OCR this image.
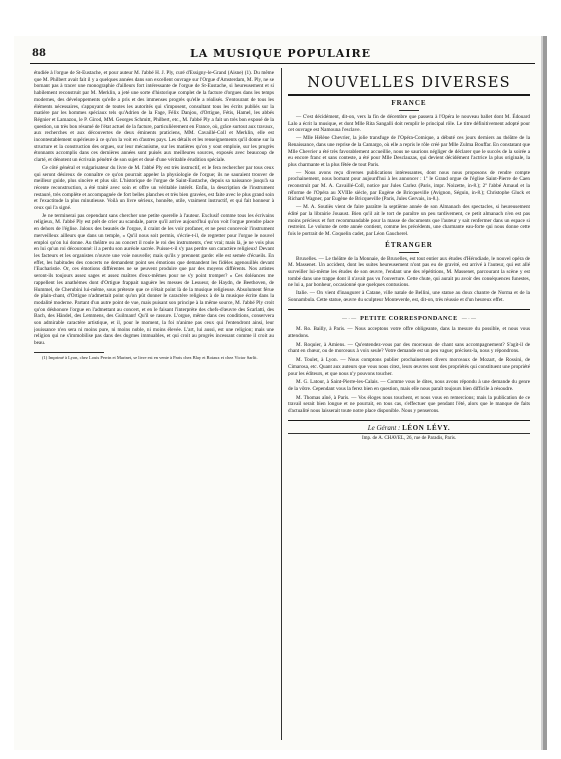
88	LA MUSIQUE POPULAIRE

étudiée à l'orgue de St-Eustache, et pour auteur M. l'abbé H. J. Ply, curé d'Essigny-le-Grand (Aisne) (1). Du même que M. Philbert avait fait il y a quelques années dans son excellent ouvrage sur l'Orgue d'Amsterdam, M. Ply, ne se bornant pas à tracer une monographie d'ailleurs fort intéressante de l'orgue de St-Eustache, si heureusement et si habilement reconstruit par M. Merklin, a jeté une sorte d'historique complet de la facture d'orgues dans les temps modernes, des développements qu'elle a pris et des immenses progrès qu'elle a réalisés. S'entourant de tous les éléments nécessaires, s'appuyant de toutes les autorités qui s'imposent, consultant tous les écrits publiés sur la matière par les hommes spéciaux tels qu'Adrien de la Fage, Félix Danjou, d'Ortigue, Fétis, Hamel, les abbés Régnier et Lamazou, le P. Girod, MM. Georges Schmitt, Philbert, etc., M. l'abbé Ply a fait un très bon exposé de la question, un très bon résumé de l'état actuel de la facture, particulièrement en France, où, grâce surtout aux travaux, aux recherches et aux découvertes de deux éminents praticiens, MM. Cavaillé-Coll et Merklin, elle est incontestablement supérieure à ce qu'on la voit en d'autres pays. Les détails et les renseignements qu'il donne sur la structure et la construction des orgues, sur leur mécanisme, sur les matières qu'on y sout emploie, sur les progrès étonnants accomplis dans ces dernières années sont puisés aux meilleures sources, exposés avec beaucoup de clarté, et dénotent un écrivain pénétré de son sujet et doué d'une véritable érudition spéciale.

Ce côté général et vulgarisateur du livre de M. l'abbé Ply est très instructif, et le fera rechercher par tous ceux qui seront désireux de connaître ce qu'on pourrait appeler la physiologie de l'orgue; ils ne sauraient trouver de meilleur guide, plus sincère et plus sûr. L'historique de l'orgue de Saint-Eustache, depuis sa naissance jusqu'à sa récente reconstruction, a été traité avec soin et offre un véritable intérêt. Enfin, la description de l'instrument restauré, très complète et accompagnée de fort belles planches et très bien gravées, est faite avec le plus grand soin et l'exactitude la plus minutieuse. Voilà un livre sérieux, honnête, utile, vraiment instructif, et qui fait honneur à ceux qui l'a signé.

Je ne terminerai pas cependant sans chercher une petite querelle à l'auteur. Exclusif comme tous les écrivains religieux, M. l'abbé Ply est prêt de crier au scandale, parce qu'il arrive aujourd'hui qu'on voit l'orgue prendre place en dehors de l'église. Jaloux des beautés de l'orgue, il craint de les voir profaner, et ne peut concevoir l'instrument merveilleux ailleurs que dans un temple, « Qu'il nous soit permis, s'écrie-t-il, de regretter pour l'orgue le nouvel emploi qu'on lui donne. Au théâtre ou au concert il roule le roi des instruments, c'est vrai; mais là, je ne vois plus en lui qu'un roi découronné: il a perdu son auréole sacrée. Puisse-t-il s'y pas perdre son caractère religieux! Devant les facteurs et les organistes n'ouvre une voie nouvelle; mais qu'ils y prennent garde: elle est semée d'écueils. En effet, les habitudes des concerts ne demandent point ses émotions que demandent les fidèles agenouillés devant l'Eucharistie. Or, ces émotions différentes ne se peuvent produire que par des moyens différents. Nos artistes seront-ils toujours assez sages et assez maîtres d'eux-mêmes pour ne s'y point tromper? » Ces doléances me rappellent les anathèmes dont d'Ortigue frappait naguère les messes de Lesueur, de Haydn, de Beethoven, de Hummel, de Cherubini lui-même, sous prétexte que ce n'était point là de la musique religieuse. Absolument férue de plain-chant, d'Ortigue n'admettait point qu'on pût donner le caractère religieux à de la musique écrite dans la modalité moderne. Partant d'un autre point de vue, mais puisant son principe à la même source, M. l'abbé Ply croit qu'on déshonore l'orgue en l'admettant au concert, et en le faisant l'interprète des chefs-d'œuvre des Scarlatti, des Bach, des Händel, des Lemmens, des Guilmant! Qu'il se rassure. L'orgue, même dans ces conditions, conservera son admirable caractère artistique, et il, pour le moment, la foi n'anime pas ceux qui l'entendront ainsi, leur jouissance n'en sera ni moins pure, ni moins noble, ni moins élevée. L'art, lui aussi, est une religion; mais une religion qui ne s'immobilise pas dans des dogmes immuables, et qui croit au progrès incessant comme il croit au beau.

(1) Imprimé à Lyon, chez Louis Perrin et Marinet, se livre est en vente à Paris chez Blay et Roiaux et chez Victor Sarlit.

NOUVELLES DIVERSES
FRANCE

— C'est décidément, dit-on, vers la fin de décembre que passera à l'Opéra le nouveau ballet dont M. Édouard Lalo a écrit la musique, et dont Mlle Rita Sangalli doit remplir le principal rôle. Le titre définitivement adopté pour cet ouvrage est Namouna l'esclave.

— Mlle Hélène Chevrier, la jolie transfuge de l'Opéra-Comique, a débuté ces jours derniers au théâtre de la Renaissance, dans une reprise de la Camargo, où elle a repris le rôle créé par Mlle Zulma Bouffar. En constatant que Mlle Chevrier a été très favorablement accueillie, nous ne saurions négliger de déclarer que le succès de la soirée a eu encore franc et sans conteste, a été pour Mlle Desclauzas, qui devient décidément l'actrice la plus originale, la plus charmante et la plus fêtée de tout Paris.

— Nous avons reçu diverses publications intéressantes, dont nous nous proposons de rendre compte prochainement, nous bornant pour aujourd'hui à les annoncer : 1º le Grand orgue de l'église Saint-Pierre de Caen reconstruit par M. A. Cavaillé-Coll, notice par Jules Carlez (Paris, impr. Noizette, in-8.); 2º l'abbé Arnaud et la réforme de l'Opéra au XVIIIe siècle, par Eugène de Bricqueville (Avignon, Séguin, in-8.); Christophe Gluck et Richard Wagner, par Eugène de Bricqueville (Paris, Jules Gervais, in-8.).

— M. A. Soutiès vient de faire paraître la septième année de son Almanach des spectacles, si heureusement édité par la librairie Jouaust. Bien qu'il ait le tort de paraître un peu tardivement, ce petit almanach n'en est pas moins précieux et fort recommandable pour la masse de documents que l'auteur y sait renfermer dans un espace si restreint. Le volume de cette année contient, comme les précédents, une charmante eau-forte qui nous donne cette fois le portrait de M. Coquelin cadet, par Léon Gaucherel.

ÉTRANGER

Bruxelles. — Le théâtre de la Monnaie, de Bruxelles, est tout entier aux études d'Hérodiade, le nouvel opéra de M. Massenet. Un accident, dont les suites heureusement n'ont pas eu de gravité, est arrivé à l'auteur, qui est allé surveiller lui-même les études de son œuvre, l'endant une des répétitions, M. Massenet, parcourant la scène y est tombé dans une trappe dont il n'avait pas vu l'ouverture. Cette chute, qui aurait pu avoir des conséquences funestes, ne lui a, par bonheur, occasionné que quelques contusions.

Italie. — On vient d'inaugurer à Catane, ville natale de Bellini, une statue au doux chantre de Norma et de la Sonnambula. Cette statue, œuvre du sculpteur Monteverde, est, dit-on, très réussie et d'un heureux effet.

— · — PETITE CORRESPONDANCE — · —

M. Ro. Bailly, à Paris. — Nous acceptons votre offre obligeante, dans la mesure du possible, et nous vous attendons.

M. Roquier, à Amiens. — Qu'entendez-vous par des morceaux de chant sans accompagnement? S'agit-il de chant en chœur, ou de morceaux à voix seule? Votre demande est un peu vague; précisez-la, nous y répondrons.

M. Toulet, à Lyon. — Nous comptons publier prochainement divers morceaux de Mozart, de Rossini, de Cimarosa, etc. Quant aux auteurs que vous nous citez, leurs œuvres sont des propriétés qui constituent une propriété pour les éditeurs, et que nous n'y pouvons toucher.

M. G. Latour, à Saint-Pierre-les-Calais. — Comme vous le dites, nous avons répondu à une demande du genre de la vôtre. Cependant vous la ferez bien en question, mais elle nous paraît toujours bien difficile à résoudre.

M. Thomas aîné, à Paris. — Vos éloges nous touchent, et nous vous en remercions; mais la publication de ce travail serait bien longue et ne pourrait, en tous cas, s'effectuer que pendant l'été, alors que le manque de faits d'actualité nous laisserait toute notre place disponible. Nous y penserons.

Le Gérant : LÉON LÉVY.
Imp. de A. CHAVEL, 26, rue de Paradis, Paris.
